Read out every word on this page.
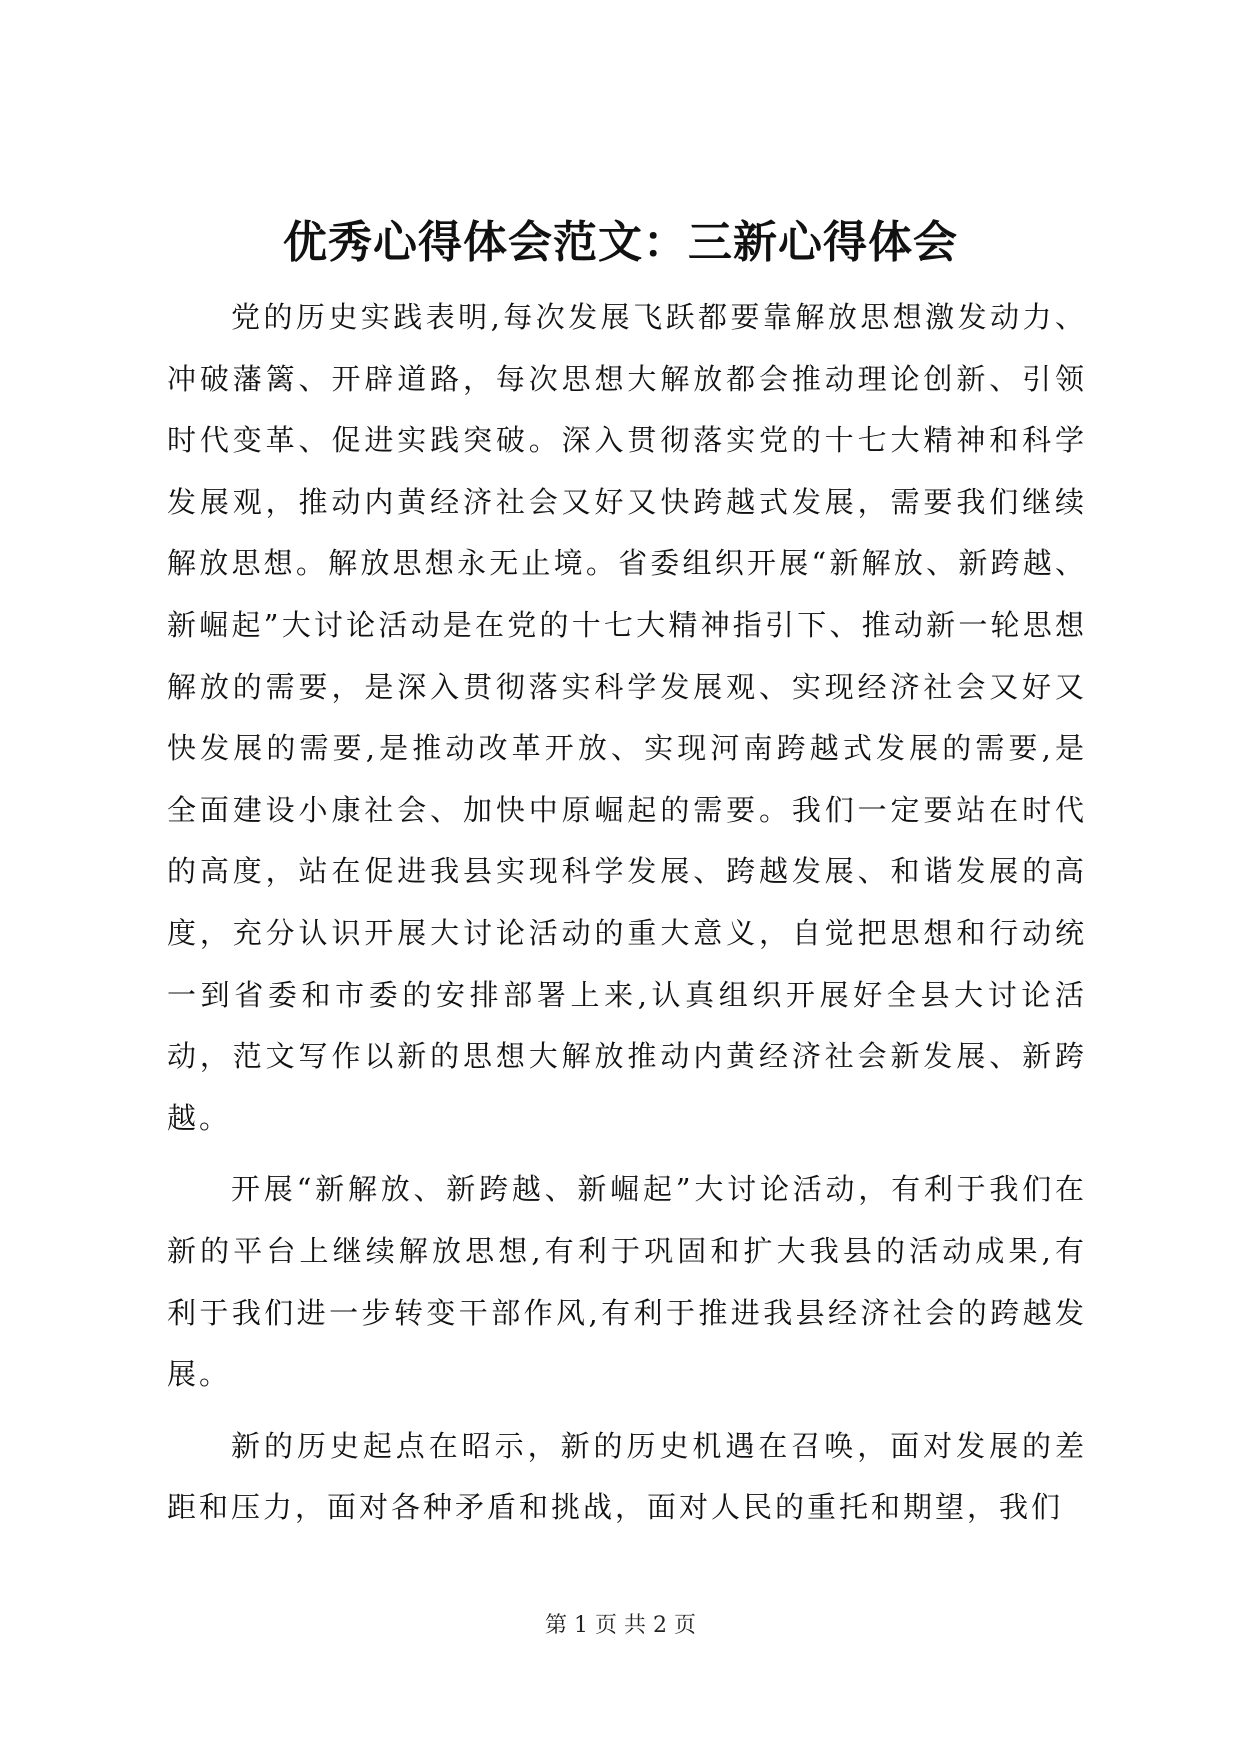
优秀心得体会范文：三新心得体会

党的历史实践表明,每次发展飞跃都要靠解放思想激发动力、冲破藩篱、开辟道路，每次思想大解放都会推动理论创新、引领时代变革、促进实践突破。深入贯彻落实党的十七大精神和科学发展观，推动内黄经济社会又好又快跨越式发展，需要我们继续解放思想。解放思想永无止境。省委组织开展“新解放、新跨越、新崛起”大讨论活动是在党的十七大精神指引下、推动新一轮思想解放的需要，是深入贯彻落实科学发展观、实现经济社会又好又快发展的需要,是推动改革开放、实现河南跨越式发展的需要,是全面建设小康社会、加快中原崛起的需要。我们一定要站在时代的高度，站在促进我县实现科学发展、跨越发展、和谐发展的高度，充分认识开展大讨论活动的重大意义，自觉把思想和行动统一到省委和市委的安排部署上来,认真组织开展好全县大讨论活动，范文写作以新的思想大解放推动内黄经济社会新发展、新跨越。

开展“新解放、新跨越、新崛起”大讨论活动，有利于我们在新的平台上继续解放思想,有利于巩固和扩大我县的活动成果,有利于我们进一步转变干部作风,有利于推进我县经济社会的跨越发展。

新的历史起点在昭示，新的历史机遇在召唤，面对发展的差距和压力，面对各种矛盾和挑战，面对人民的重托和期望，我们

第 1 页 共 2 页
